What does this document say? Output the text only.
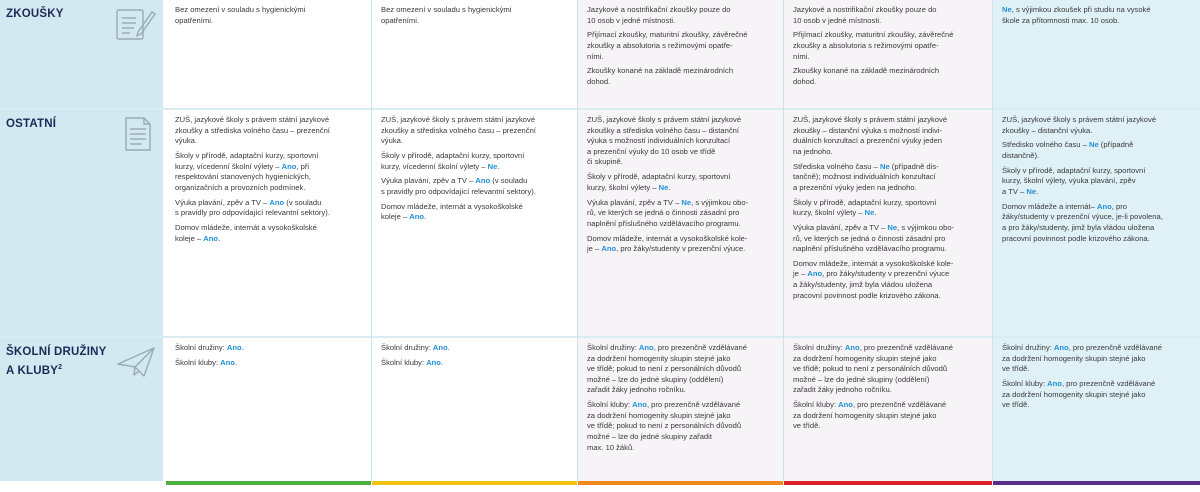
ZKOUŠKY	Bez omezení v souladu s hygienickými
opatřeními.

Bez omezení v souladu s hygienickými
opatřeními.

Jazykové a nostrifikační zkoušky pouze do
10 osob v jedné místnosti.

Přijímací zkoušky, maturitní zkoušky, závěrečné
zkoušky a absolutoria s režimovými opatře-
ními.

Zkoušky konané na základě mezinárodních
dohod.

Jazykové a nostrifikační zkoušky pouze do
10 osob v jedné místnosti.

Přijímací zkoušky, maturitní zkoušky, závěrečné
zkoušky a absolutoria s režimovými opatře-
ními.

Zkoušky konané na základě mezinárodních
dohod.

Ne, s výjimkou zkoušek při studiu na vysoké
škole za přítomnosti max. 10 osob.

OSTATNÍ	ZUŠ, jazykové školy s právem státní jazykové
zkoušky a střediska volného času – prezenční
výuka.

Školy v přírodě, adaptační kurzy, sportovní
kurzy, vícedenní školní výlety – Ano, při
respektování stanovených hygienických,
organizačních a provozních podmínek.

Výuka plavání, zpěv a TV – Ano (v souladu
s pravidly pro odpovídající relevantní sektory).

Domov mládeže, internát a vysokoškolské
koleje – Ano.

ZUŠ, jazykové školy s právem státní jazykové
zkoušky a střediska volného času – prezenční
výuka.

Školy v přírodě, adaptační kurzy, sportovní
kurzy, vícedenní školní výlety – Ne.

Výuka plavání, zpěv a TV – Ano (v souladu
s pravidly pro odpovídající relevantní sektory).

Domov mládeže, internát a vysokoškolské
koleje – Ano.

ZUŠ, jazykové školy s právem státní jazykové
zkoušky a střediska volného času – distanční
výuka s možností individuálních konzultací
a prezenční výuky do 10 osob ve třídě
či skupině.

Školy v přírodě, adaptační kurzy, sportovní
kurzy, školní výlety – Ne.

Výuka plavání, zpěv a TV – Ne, s výjimkou obo-
rů, ve kterých se jedná o činnosti zásadní pro
naplnění příslušného vzdělávacího programu.

Domov mládeže, internát a vysokoškolské kole-
je – Ano, pro žáky/studenty v prezenční výuce.

ZUŠ, jazykové školy s právem státní jazykové
zkoušky – distanční výuka s možností indivi-
duálních konzultací a prezenční výuky jeden
na jednoho.

Střediska volného času – Ne (případně dis-
tančně); možnost individuálních konzultací
a prezenční výuky jeden na jednoho.

Školy v přírodě, adaptační kurzy, sportovní
kurzy, školní výlety – Ne.

Výuka plavání, zpěv a TV – Ne, s výjimkou obo-
rů, ve kterých se jedná o činnosti zásadní pro
naplnění příslušného vzdělávacího programu.

Domov mládeže, internát a vysokoškolské kole-
je – Ano, pro žáky/studenty v prezenční výuce
a žáky/studenty, jimž byla vládou uložena
pracovní povinnost podle krizového zákona.

ZUŠ, jazykové školy s právem státní jazykové
zkoušky – distanční výuka.

Středisko volného času – Ne (případně
distančně).

Školy v přírodě, adaptační kurzy, sportovní
kurzy, školní výlety, výuka plavání, zpěv
a TV – Ne.

Domov mládeže a internát– Ano, pro
žáky/studenty v prezenční výuce, je-li povolena,
a pro žáky/studenty, jimž byla vládou uložena
pracovní povinnost podle krizového zákona.

ŠKOLNÍ DRUŽINY
A KLUBY$^2$

Školní družiny: Ano.

Školní kluby: Ano.

Školní družiny: Ano.

Školní kluby: Ano.

Školní družiny: Ano, pro prezenčně vzdělávané
za dodržení homogenity skupin stejné jako
ve třídě; pokud to není z personálních důvodů
možné – lze do jedné skupiny (oddělení)
zařadit žáky jednoho ročníku.

Školní kluby: Ano, pro prezenčně vzdělávané
za dodržení homogenity skupin stejné jako
ve třídě; pokud to není z personálních důvodů
možné – lze do jedné skupiny zařadit
max. 10 žáků.

Školní družiny: Ano, pro prezenčně vzdělávané
za dodržení homogenity skupin stejné jako
ve třídě; pokud to není z personálních důvodů
možné – lze do jedné skupiny (oddělení)
zařadit žáky jednoho ročníku.

Školní kluby: Ano, pro prezenčně vzdělávané
za dodržení homogenity skupin stejné jako
ve třídě.

Školní družiny: Ano, pro prezenčně vzdělávané
za dodržení homogenity skupin stejné jako
ve třídě.

Školní kluby: Ano, pro prezenčně vzdělávané
za dodržení homogenity skupin stejné jako
ve třídě.
